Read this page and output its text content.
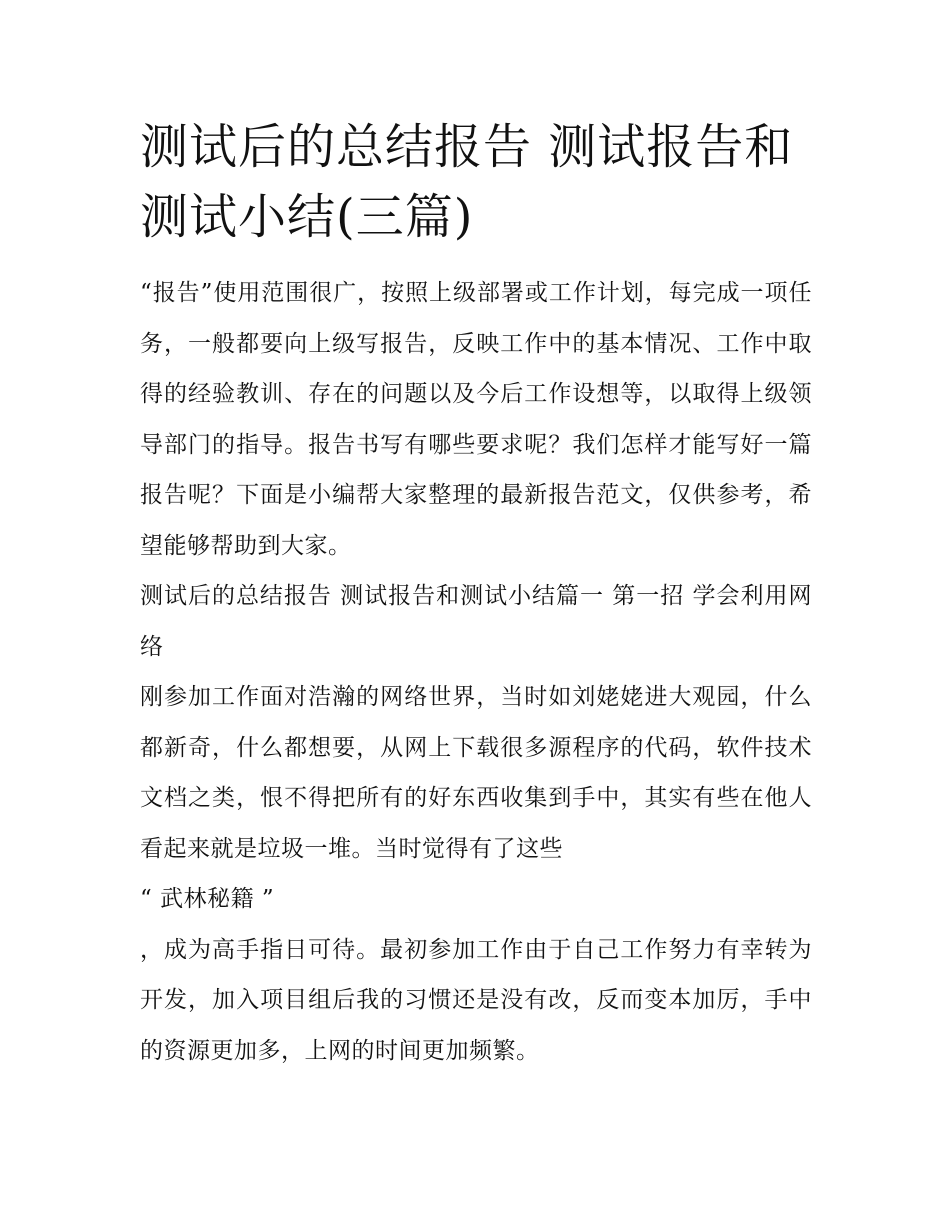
测试后的总结报告 测试报告和测试小结(三篇)

“报告”使用范围很广，按照上级部署或工作计划，每完成一项任务，一般都要向上级写报告，反映工作中的基本情况、工作中取得的经验教训、存在的问题以及今后工作设想等，以取得上级领导部门的指导。报告书写有哪些要求呢？我们怎样才能写好一篇报告呢？下面是小编帮大家整理的最新报告范文，仅供参考，希望能够帮助到大家。

测试后的总结报告 测试报告和测试小结篇一 第一招 学会利用网络

刚参加工作面对浩瀚的网络世界，当时如刘姥姥进大观园，什么都新奇，什么都想要，从网上下载很多源程序的代码，软件技术文档之类，恨不得把所有的好东西收集到手中，其实有些在他人看起来就是垃圾一堆。当时觉得有了这些

“ 武林秘籍 ”

，成为高手指日可待。最初参加工作由于自己工作努力有幸转为开发，加入项目组后我的习惯还是没有改，反而变本加厉，手中的资源更加多，上网的时间更加频繁。
